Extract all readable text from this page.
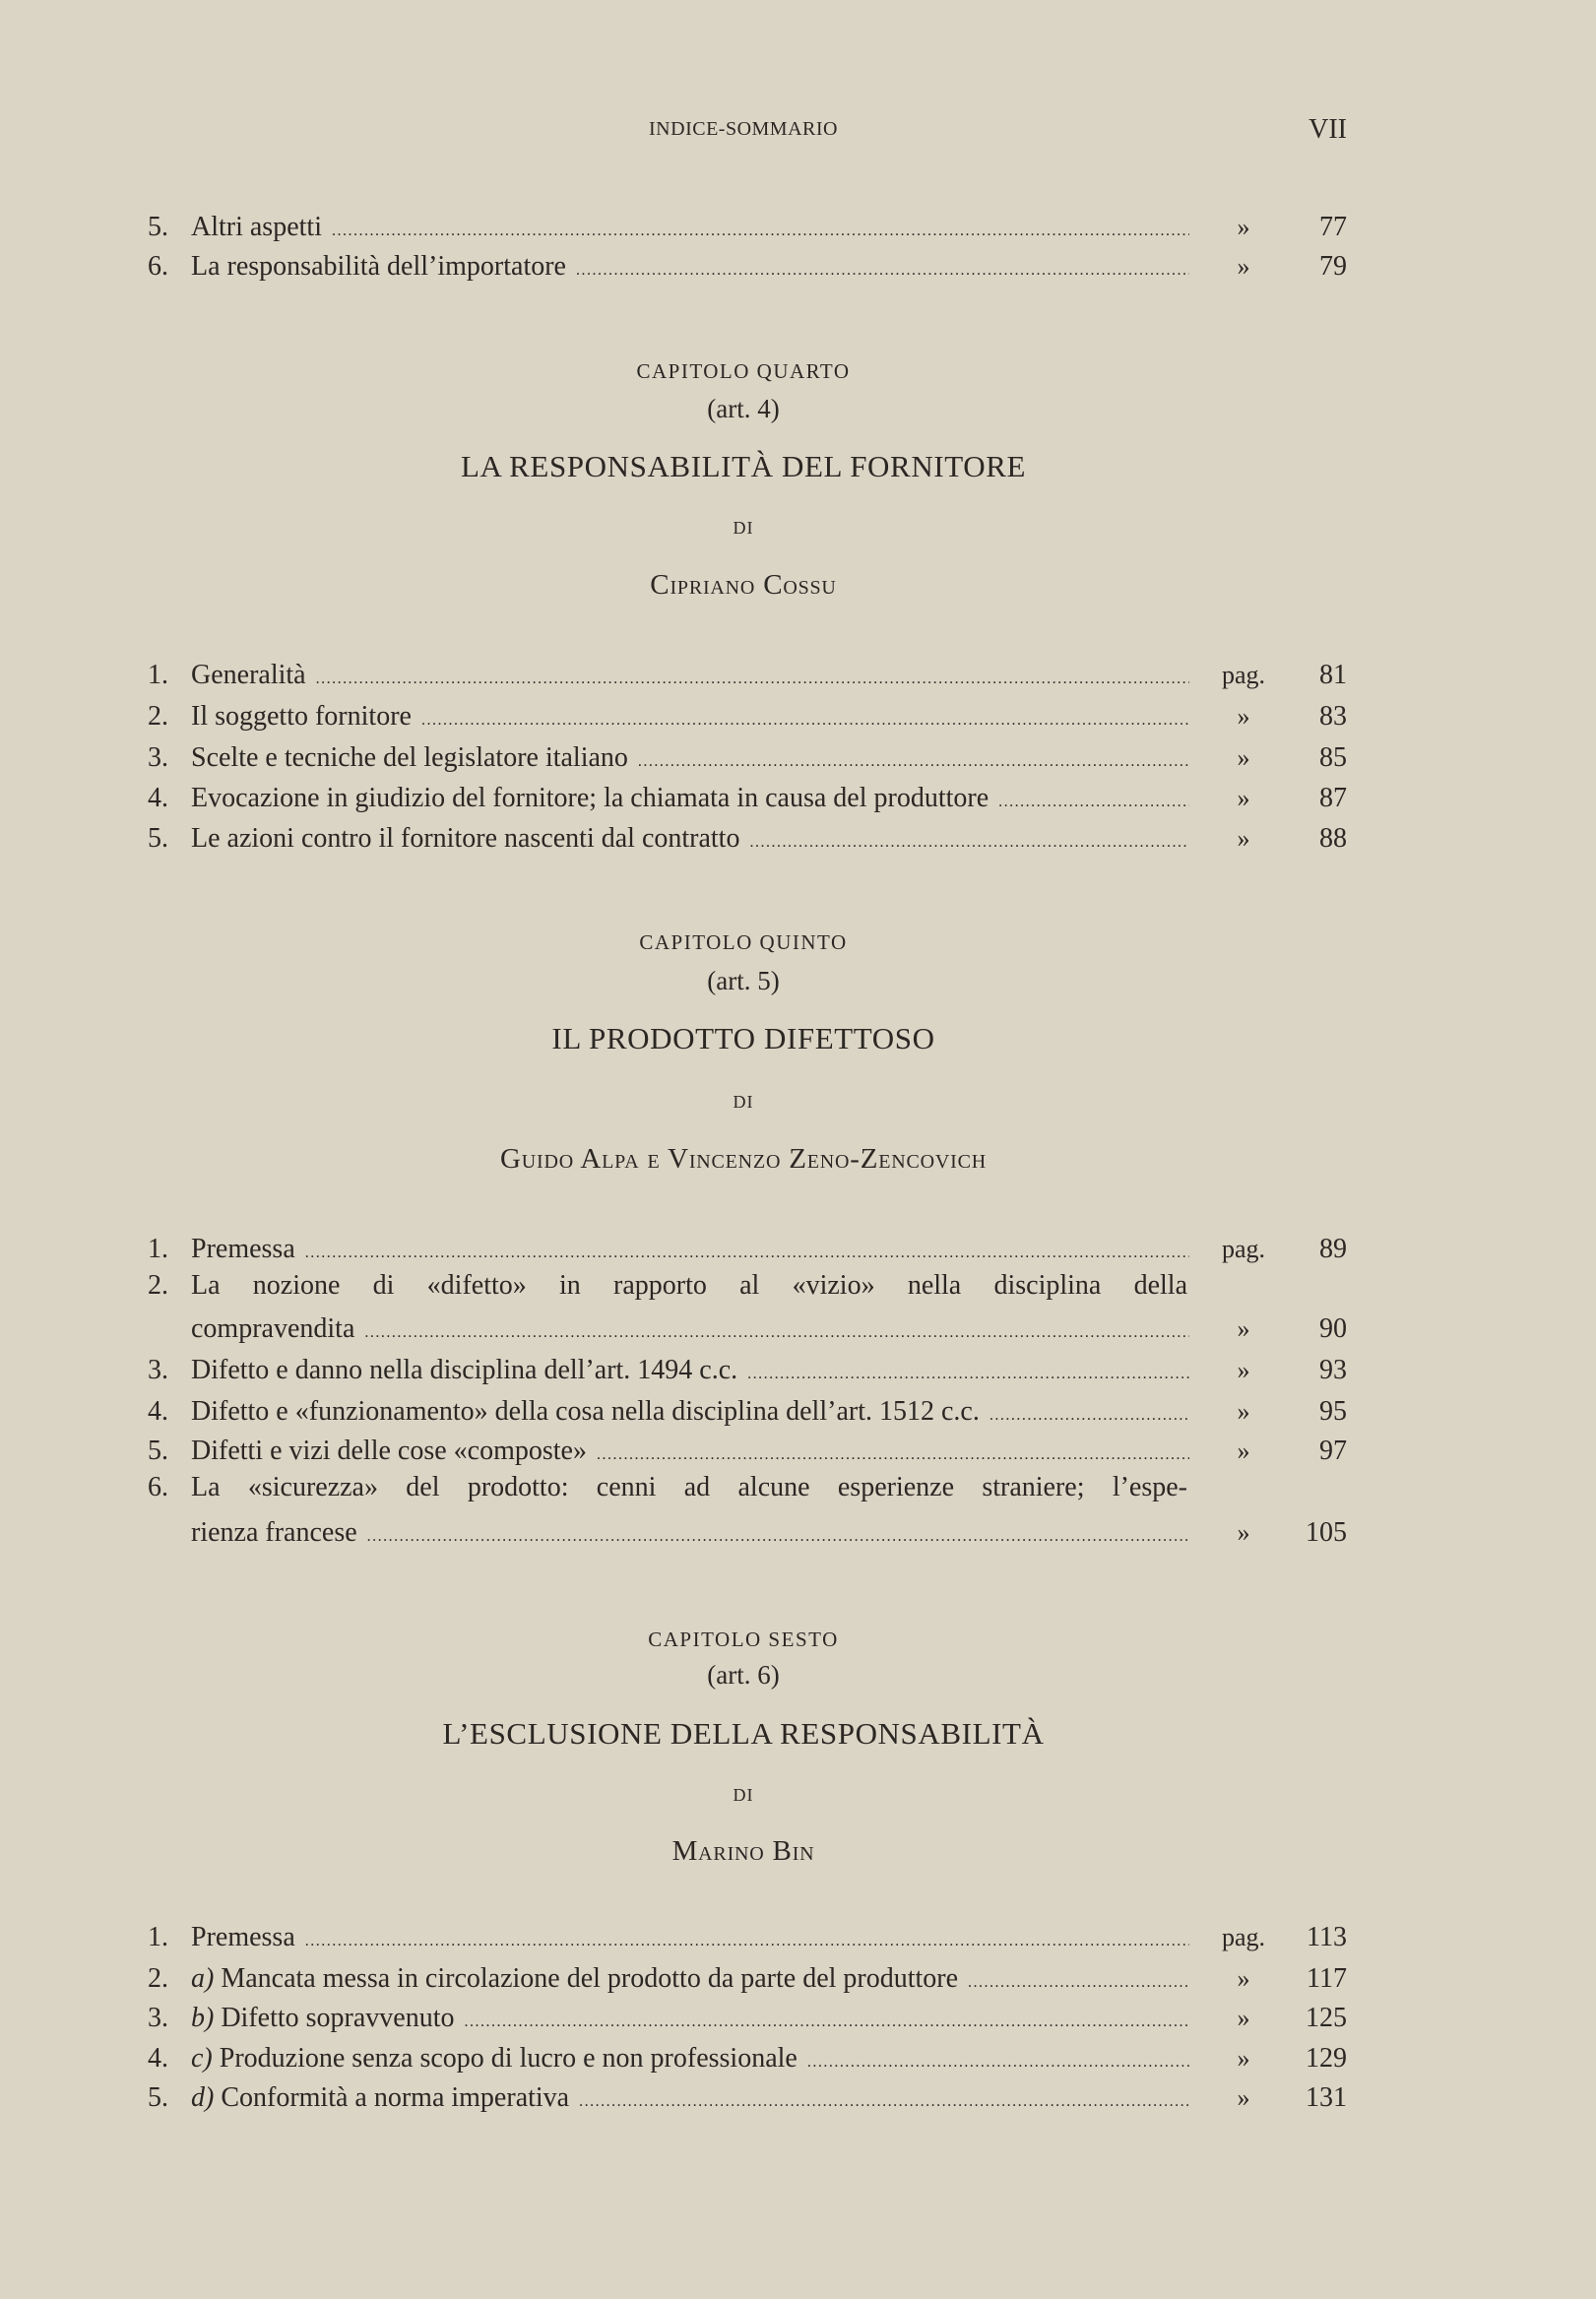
INDICE-SOMMARIO	VII
5. Altri aspetti .....	»	77
6. La responsabilità dell’importatore .....	»	79
CAPITOLO QUARTO
(art. 4)
LA RESPONSABILITÀ DEL FORNITORE
DI
Cipriano Cossu
1. Generalità .....	pag.	81
2. Il soggetto fornitore .....	»	83
3. Scelte e tecniche del legislatore italiano .....	»	85
4. Evocazione in giudizio del fornitore; la chiamata in causa del produttore .....	»	87
5. Le azioni contro il fornitore nascenti dal contratto .....	»	88
CAPITOLO QUINTO
(art. 5)
IL PRODOTTO DIFETTOSO
DI
Guido Alpa e Vincenzo Zeno-Zencovich
1. Premessa .....	pag.	89
2. La nozione di «difetto» in rapporto al «vizio» nella disciplina della
compravendita .....	»	90
3. Difetto e danno nella disciplina dell’art. 1494 c.c. .....	»	93
4. Difetto e «funzionamento» della cosa nella disciplina dell’art. 1512 c.c. .....	»	95
5. Difetti e vizi delle cose «composte» .....	»	97
6. La «sicurezza» del prodotto: cenni ad alcune esperienze straniere; l’espe-
rienza francese .....	»	105
CAPITOLO SESTO
(art. 6)
L’ESCLUSIONE DELLA RESPONSABILITÀ
DI
Marino Bin
1. Premessa .....	pag.	113
2. a) Mancata messa in circolazione del prodotto da parte del produttore .....	»	117
3. b) Difetto sopravvenuto .....	»	125
4. c) Produzione senza scopo di lucro e non professionale .....	»	129
5. d) Conformità a norma imperativa .....	»	131
